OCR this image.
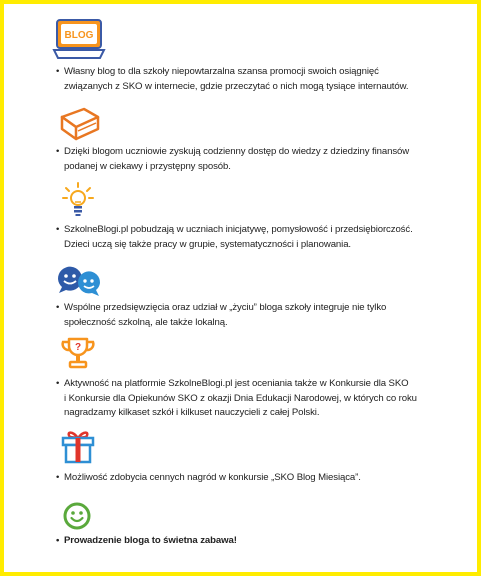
BLOG
• Własny blog to dla szkoły niepowtarzalna szansa promocji swoich osiągnięć
związanych z SKO w internecie, gdzie przeczytać o nich mogą tysiące internautów.
• Dzięki blogom uczniowie zyskują codzienny dostęp do wiedzy z dziedziny finansów
podanej w ciekawy i przystępny sposób.
• SzkolneBlogi.pl pobudzają w uczniach inicjatywę, pomysłowość i przedsiębiorczość.
Dzieci uczą się także pracy w grupie, systematyczności i planowania.
• Wspólne przedsięwzięcia oraz udział w „życiu” bloga szkoły integruje nie tylko
społeczność szkolną, ale także lokalną.
?
• Aktywność na platformie SzkolneBlogi.pl jest oceniania także w Konkursie dla SKO
i Konkursie dla Opiekunów SKO z okazji Dnia Edukacji Narodowej, w których co roku
nagradzamy kilkaset szkół i kilkuset nauczycieli z całej Polski.
• Możliwość zdobycia cennych nagród w konkursie „SKO Blog Miesiąca”.
• Prowadzenie bloga to świetna zabawa!
